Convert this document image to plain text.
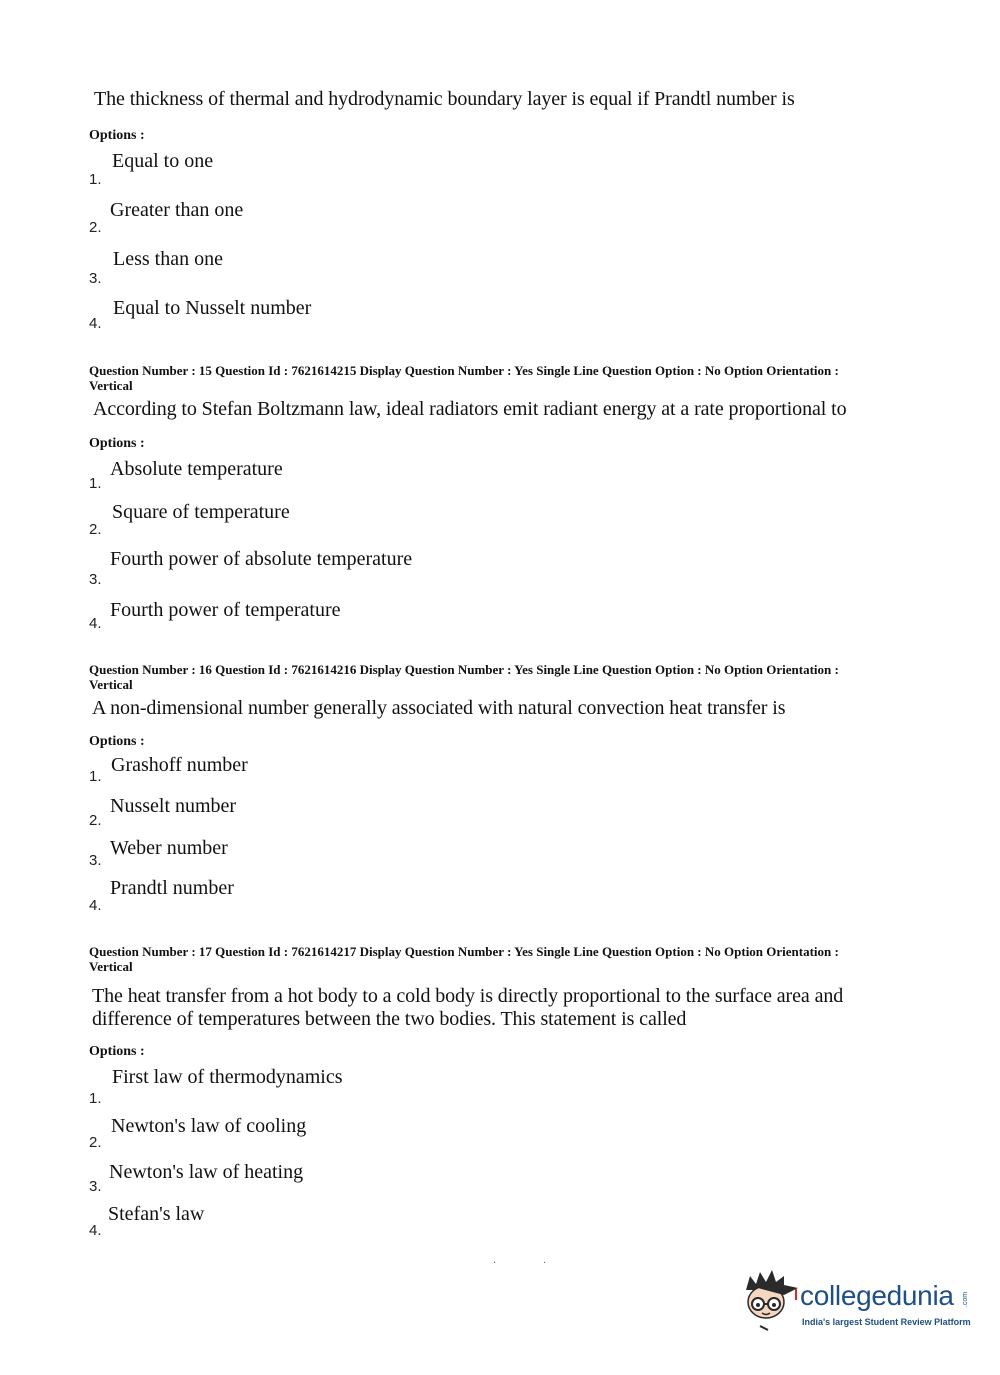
The thickness of thermal and hydrodynamic boundary layer is equal if Prandtl number is
Options :
Equal to one
1.
Greater than one
2.
Less than one
3.
Equal to Nusselt number
4.
Question Number : 15 Question Id : 7621614215 Display Question Number : Yes Single Line Question Option : No Option Orientation : Vertical
According to Stefan Boltzmann law, ideal radiators emit radiant energy at a rate proportional to
Options :
Absolute temperature
1.
Square of temperature
2.
Fourth power of absolute temperature
3.
Fourth power of temperature
4.
Question Number : 16 Question Id : 7621614216 Display Question Number : Yes Single Line Question Option : No Option Orientation : Vertical
A non-dimensional number generally associated with natural convection heat transfer is
Options :
Grashoff number
1.
Nusselt number
2.
Weber number
3.
Prandtl number
4.
Question Number : 17 Question Id : 7621614217 Display Question Number : Yes Single Line Question Option : No Option Orientation : Vertical
The heat transfer from a hot body to a cold body is directly proportional to the surface area and difference of temperatures between the two bodies. This statement is called
Options :
First law of thermodynamics
1.
Newton's law of cooling
2.
Newton's law of heating
3.
Stefan's law
4.
·	·
collegedunia .com
India's largest Student Review Platform
